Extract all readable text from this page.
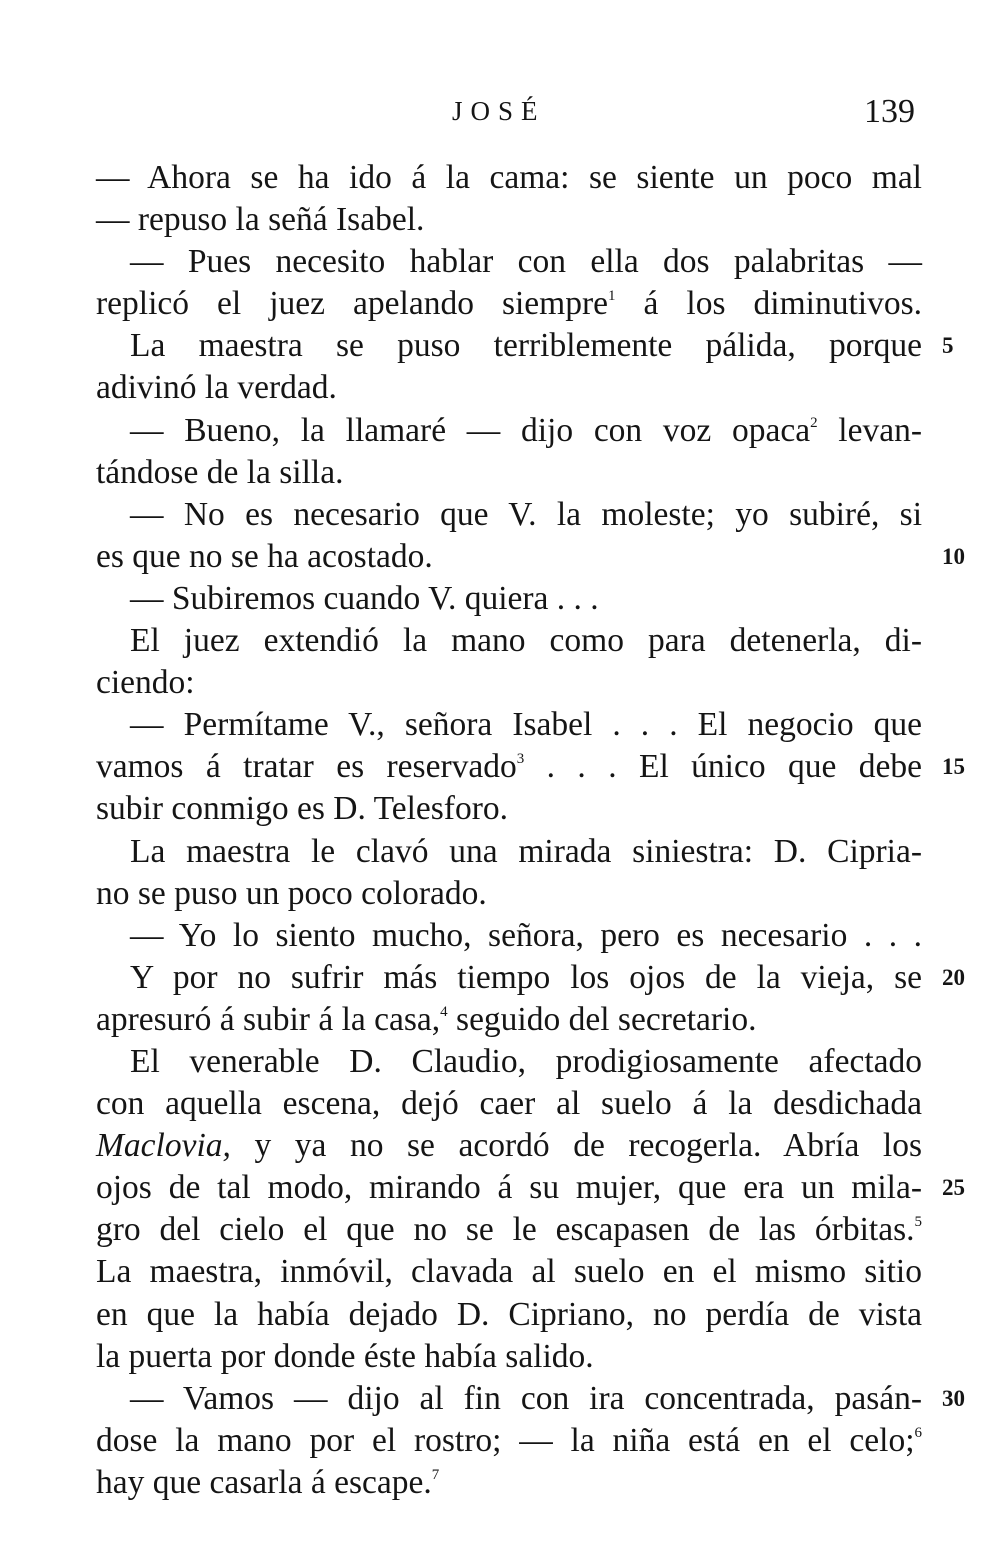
JOSÉ	139
— Ahora se ha ido á la cama: se siente un poco mal
— repuso la señá Isabel.
— Pues necesito hablar con ella dos palabritas —
replicó el juez apelando siempre$^1$ á los diminutivos.
La maestra se puso terriblemente pálida, porque 5
adivinó la verdad.
— Bueno, la llamaré — dijo con voz opaca$^2$ levan-
tándose de la silla.
— No es necesario que V. la moleste; yo subiré, si
es que no se ha acostado.	10
— Subiremos cuando V. quiera . . .
El juez extendió la mano como para detenerla, di-
ciendo:
— Permítame V., señora Isabel . . . El negocio que
vamos á tratar es reservado$^3$ . . . El único que debe 15
subir conmigo es D. Telesforo.
La maestra le clavó una mirada siniestra: D. Cipria-
no se puso un poco colorado.
— Yo lo siento mucho, señora, pero es necesario . . .
Y por no sufrir más tiempo los ojos de la vieja, se 20
apresuró á subir á la casa,$^4$ seguido del secretario.
El venerable D. Claudio, prodigiosamente afectado
con aquella escena, dejó caer al suelo á la desdichada
Maclovia, y ya no se acordó de recogerla. Abría los
ojos de tal modo, mirando á su mujer, que era un mila- 25
gro del cielo el que no se le escapasen de las órbitas.$^5$
La maestra, inmóvil, clavada al suelo en el mismo sitio
en que la había dejado D. Cipriano, no perdía de vista
la puerta por donde éste había salido.
— Vamos — dijo al fin con ira concentrada, pasán- 30
dose la mano por el rostro; — la niña está en el celo;$^6$
hay que casarla á escape.$^7$
